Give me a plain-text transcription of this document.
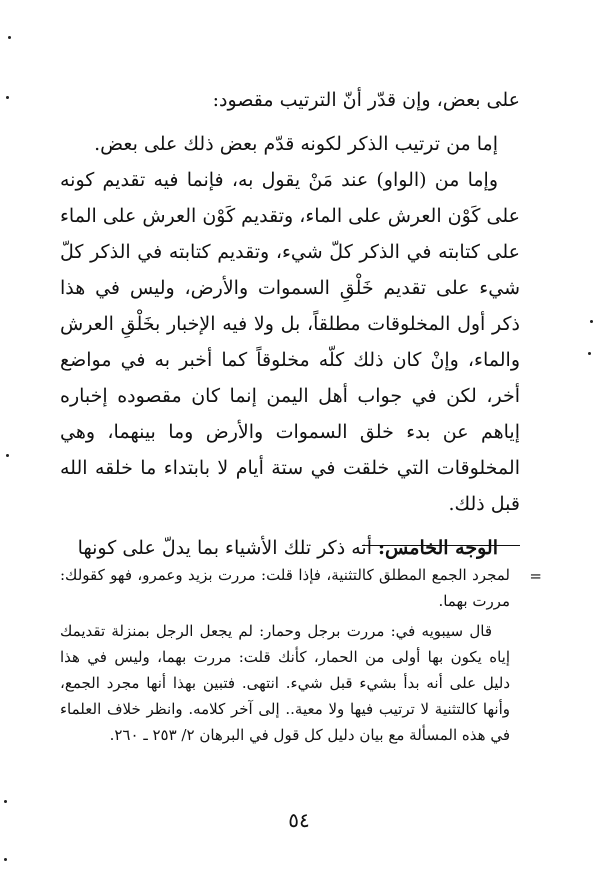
على بعض، وإن قدّر أنّ الترتيب مقصود:

إما من ترتيب الذكر لكونه قدّم بعض ذلك على بعض.

وإما من (الواو) عند مَنْ يقول به، فإنما فيه تقديم كونه على كَوْن العرش على الماء، وتقديم كَوْن العرش على الماء على كتابته في الذكر كلّ شيء، وتقديم كتابته في الذكر كلّ شيء على تقديم خَلْقِ السموات والأرض، وليس في هذا ذكر أول المخلوقات مطلقاً، بل ولا فيه الإخبار بخَلْقِ العرش والماء، وإنْ كان ذلك كلّه مخلوقاً كما أخبر به في مواضع أخر، لكن في جواب أهل اليمن إنما كان مقصوده إخباره إياهم عن بدء خلق السموات والأرض وما بينهما، وهي المخلوقات التي خلقت في ستة أيام لا بابتداء ما خلقه الله قبل ذلك.

الوجه الخامس: أنه ذكر تلك الأشياء بما يدلّ على كونها

=

لمجرد الجمع المطلق كالتثنية، فإذا قلت: مررت بزيد وعمرو، فهو كقولك: مررت بهما.

قال سيبويه في: مررت برجل وحمار: لم يجعل الرجل بمنزلة تقديمك إياه يكون بها أولى من الحمار، كأنك قلت: مررت بهما، وليس في هذا دليل على أنه بدأ بشيء قبل شيء. انتهى. فتبين بهذا أنها مجرد الجمع، وأنها كالتثنية لا ترتيب فيها ولا معية.. إلى آخر كلامه. وانظر خلاف العلماء في هذه المسألة مع بيان دليل كل قول في البرهان ٢/ ٢٥٣ ـ ٢٦٠.

٥٤
